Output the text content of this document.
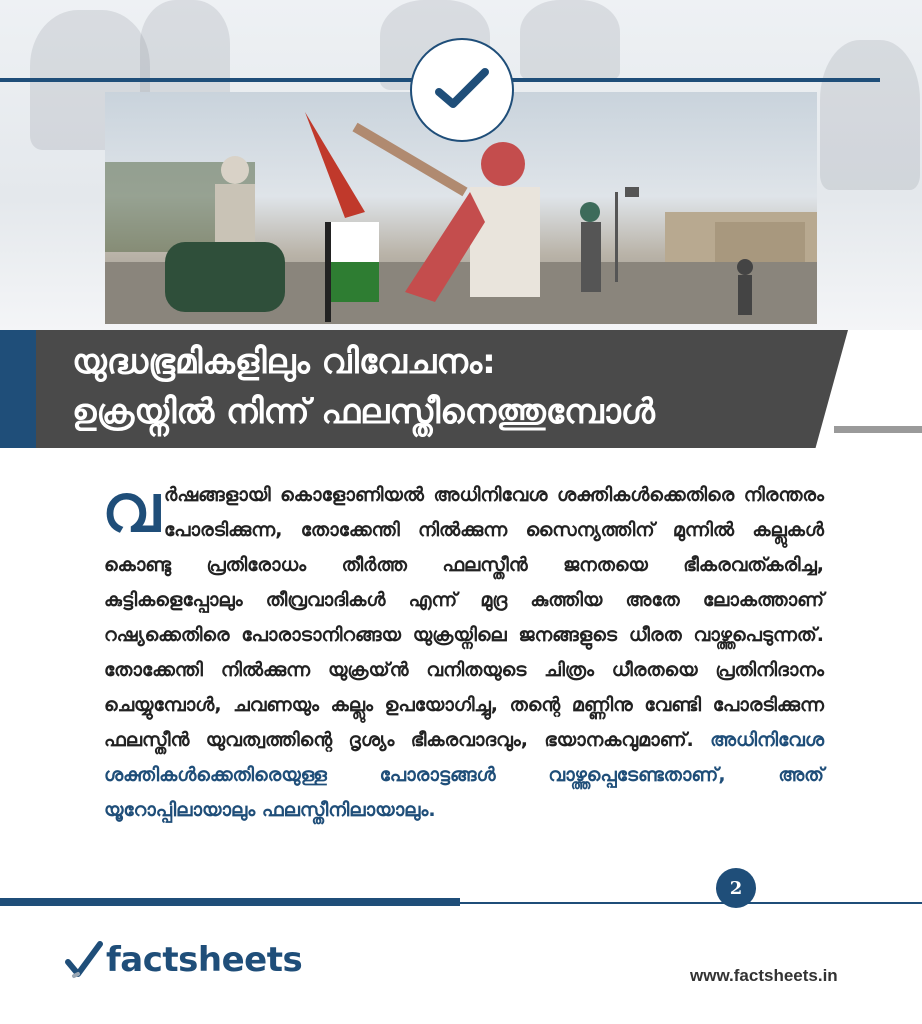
യുദ്ധഭൂമികളിലും വിവേചനം:
ഉക്രയ്നിൽ നിന്ന് ഫലസ്തീനെത്തുമ്പോൾ
വർഷങ്ങളായി കൊളോണിയൽ അധിനിവേശ ശക്തികൾക്കെതിരെ നിരന്തരം പോരടിക്കുന്ന, തോക്കേന്തി നിൽക്കുന്ന സൈന്യത്തിന് മുന്നിൽ കല്ലുകൾ കൊണ്ടു പ്രതിരോധം തീർത്ത ഫലസ്തീൻ ജനതയെ ഭീകരവത്കരിച്ച, കുട്ടികളെപ്പോലും തീവ്രവാദികൾ എന്ന് മുദ്ര കുത്തിയ അതേ ലോകത്താണ് റഷ്യക്കെതിരെ പോരാടാനിറങ്ങയ യുക്രയ്നിലെ ജനങ്ങളുടെ ധീരത വാഴ്ത്തപെടുന്നത്. തോക്കേന്തി നിൽക്കുന്ന യുക്രയ്ൻ വനിതയുടെ ചിത്രം ധീരതയെ പ്രതിനിദാനം ചെയ്യുമ്പോൾ, ചവണയും കല്ലും ഉപയോഗിച്ചു, തന്റെ മണ്ണിനു വേണ്ടി പോരടിക്കുന്ന ഫലസ്തീൻ യുവത്വത്തിന്റെ ദൃശ്യം ഭീകരവാദവും, ഭയാനകവുമാണ്. അധിനിവേശ ശക്തികൾക്കെതിരെയുള്ള പോരാട്ടങ്ങൾ വാഴ്ത്തപ്പെടേണ്ടതാണ്, അത് യൂറോപ്പിലായാലും ഫലസ്തീനിലായാലും.
2
factsheets	www.factsheets.in
